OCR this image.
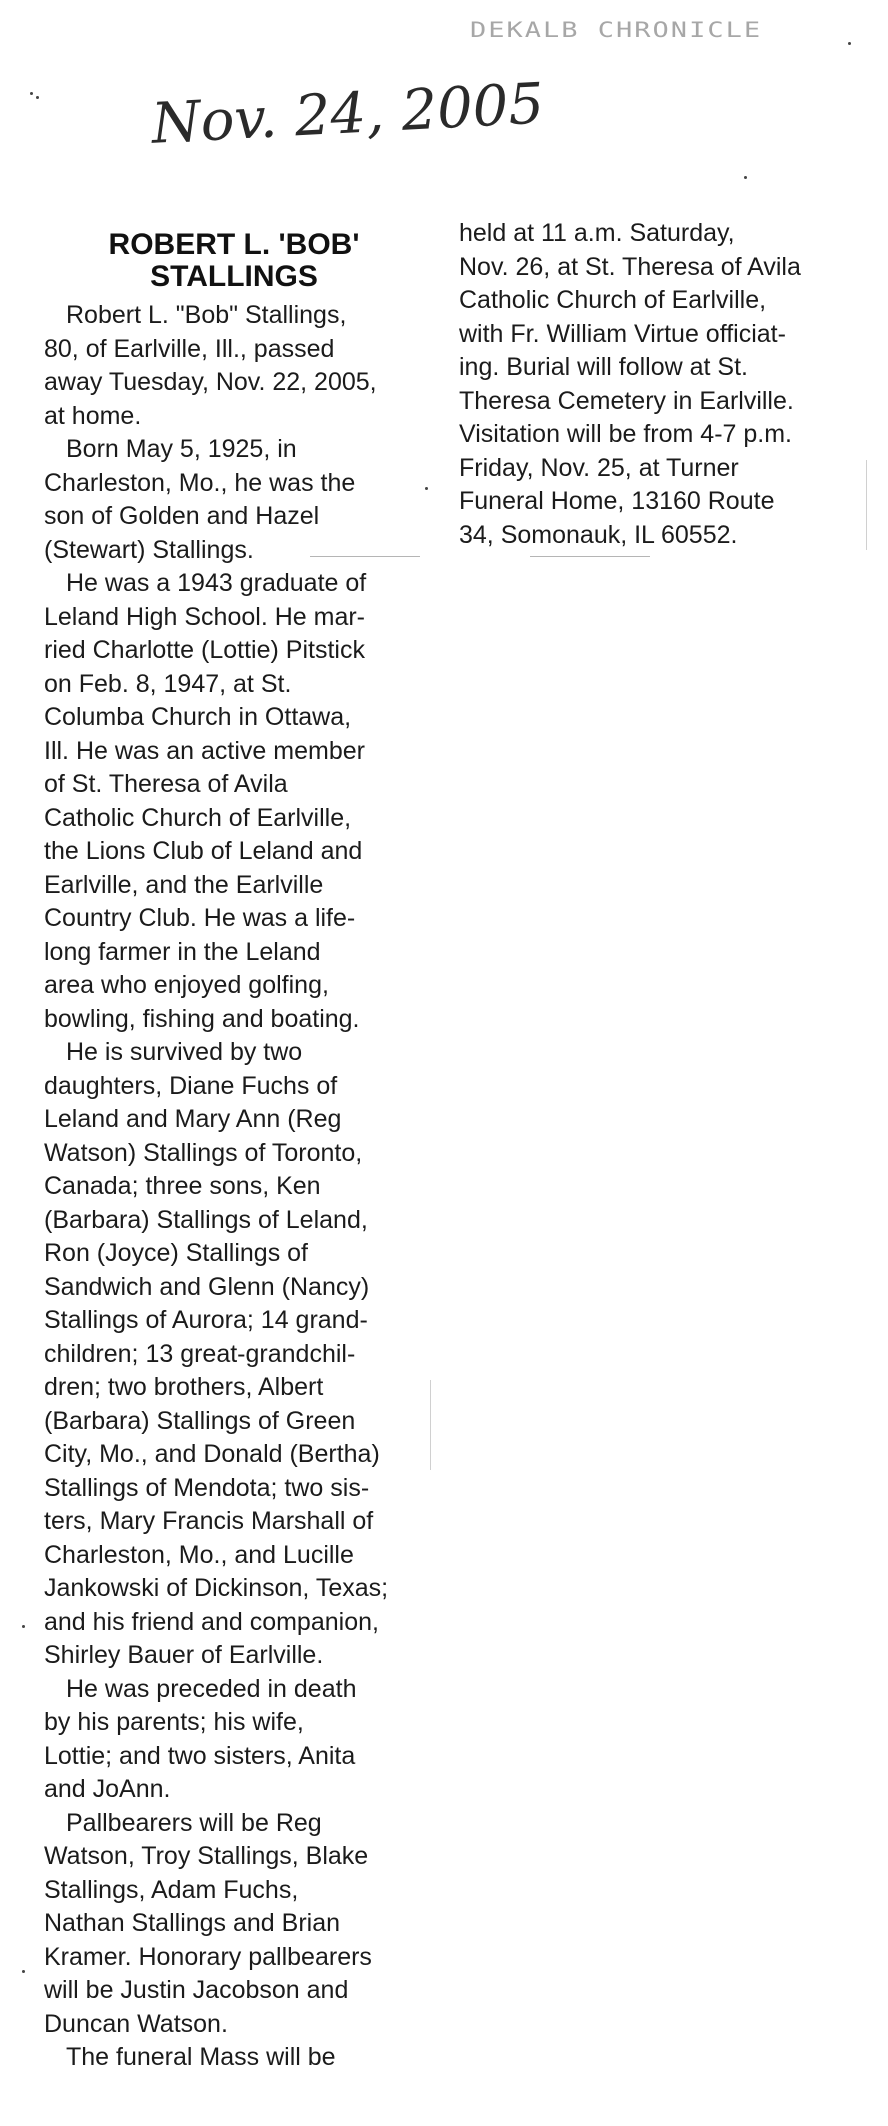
DEKALB CHRONICLE
Nov. 24, 2005
ROBERT L. 'BOB'
STALLINGS
Robert L. "Bob" Stallings,
80, of Earlville, Ill., passed
away Tuesday, Nov. 22, 2005,
at home.
Born May 5, 1925, in
Charleston, Mo., he was the
son of Golden and Hazel
(Stewart) Stallings.
He was a 1943 graduate of
Leland High School. He mar-
ried Charlotte (Lottie) Pitstick
on Feb. 8, 1947, at St.
Columba Church in Ottawa,
Ill. He was an active member
of St. Theresa of Avila
Catholic Church of Earlville,
the Lions Club of Leland and
Earlville, and the Earlville
Country Club. He was a life-
long farmer in the Leland
area who enjoyed golfing,
bowling, fishing and boating.
He is survived by two
daughters, Diane Fuchs of
Leland and Mary Ann (Reg
Watson) Stallings of Toronto,
Canada; three sons, Ken
(Barbara) Stallings of Leland,
Ron (Joyce) Stallings of
Sandwich and Glenn (Nancy)
Stallings of Aurora; 14 grand-
children; 13 great-grandchil-
dren; two brothers, Albert
(Barbara) Stallings of Green
City, Mo., and Donald (Bertha)
Stallings of Mendota; two sis-
ters, Mary Francis Marshall of
Charleston, Mo., and Lucille
Jankowski of Dickinson, Texas;
and his friend and companion,
Shirley Bauer of Earlville.
He was preceded in death
by his parents; his wife,
Lottie; and two sisters, Anita
and JoAnn.
Pallbearers will be Reg
Watson, Troy Stallings, Blake
Stallings, Adam Fuchs,
Nathan Stallings and Brian
Kramer. Honorary pallbearers
will be Justin Jacobson and
Duncan Watson.
The funeral Mass will be
held at 11 a.m. Saturday,
Nov. 26, at St. Theresa of Avila
Catholic Church of Earlville,
with Fr. William Virtue officiat-
ing. Burial will follow at St.
Theresa Cemetery in Earlville.
Visitation will be from 4-7 p.m.
Friday, Nov. 25, at Turner
Funeral Home, 13160 Route
34, Somonauk, IL 60552.
